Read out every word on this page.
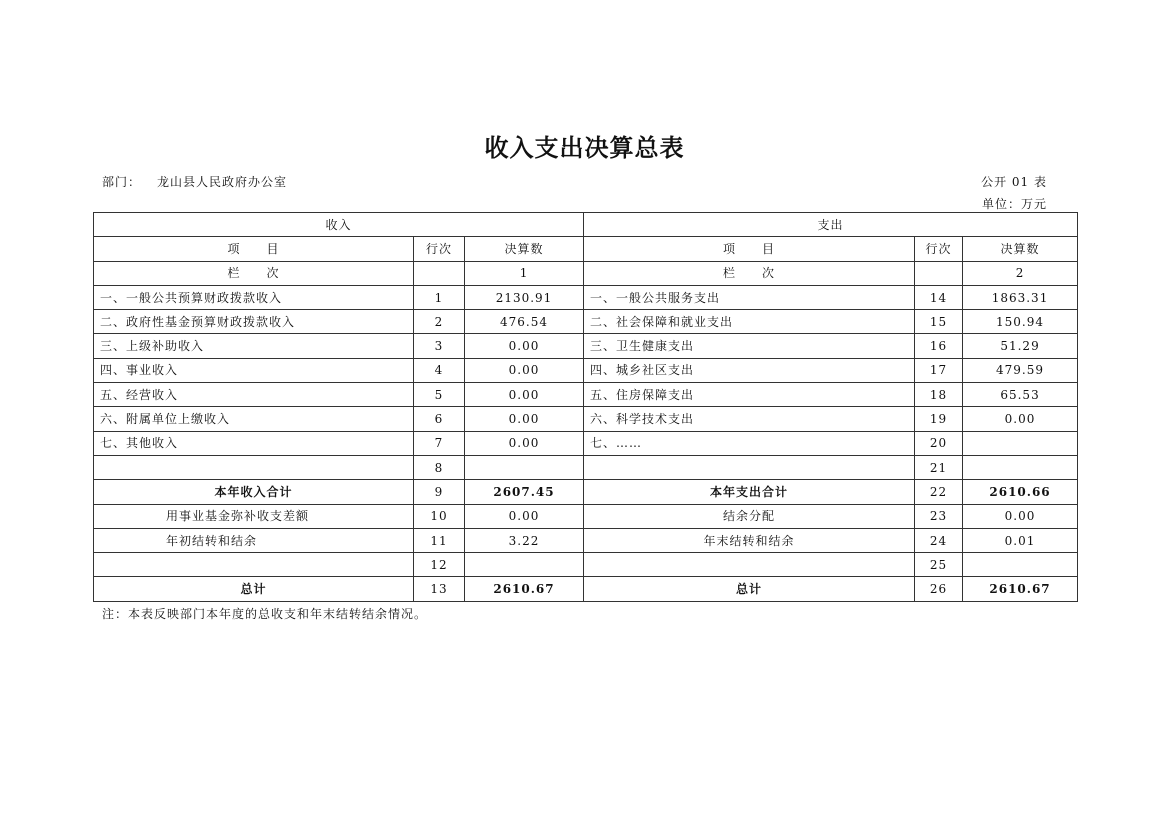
收入支出决算总表
部门： 龙山县人民政府办公室	公开 01 表
单位：万元
收入			支出		
项　　目	行次	决算数	项　　目	行次	决算数
栏　　次		1	栏　　次		2
一、一般公共预算财政拨款收入	1	2130.91	一、一般公共服务支出	14	1863.31
二、政府性基金预算财政拨款收入	2	476.54	二、社会保障和就业支出	15	150.94
三、上级补助收入	3	0.00	三、卫生健康支出	16	51.29
四、事业收入	4	0.00	四、城乡社区支出	17	479.59
五、经营收入	5	0.00	五、住房保障支出	18	65.53
六、附属单位上缴收入	6	0.00	六、科学技术支出	19	0.00
七、其他收入	7	0.00	七、……	20	
	8			21	
本年收入合计	9	2607.45	本年支出合计	22	2610.66
用事业基金弥补收支差额	10	0.00	结余分配	23	0.00
年初结转和结余	11	3.22	年末结转和结余	24	0.01
	12			25	
总计	13	2610.67	总计	26	2610.67
注：本表反映部门本年度的总收支和年末结转结余情况。
